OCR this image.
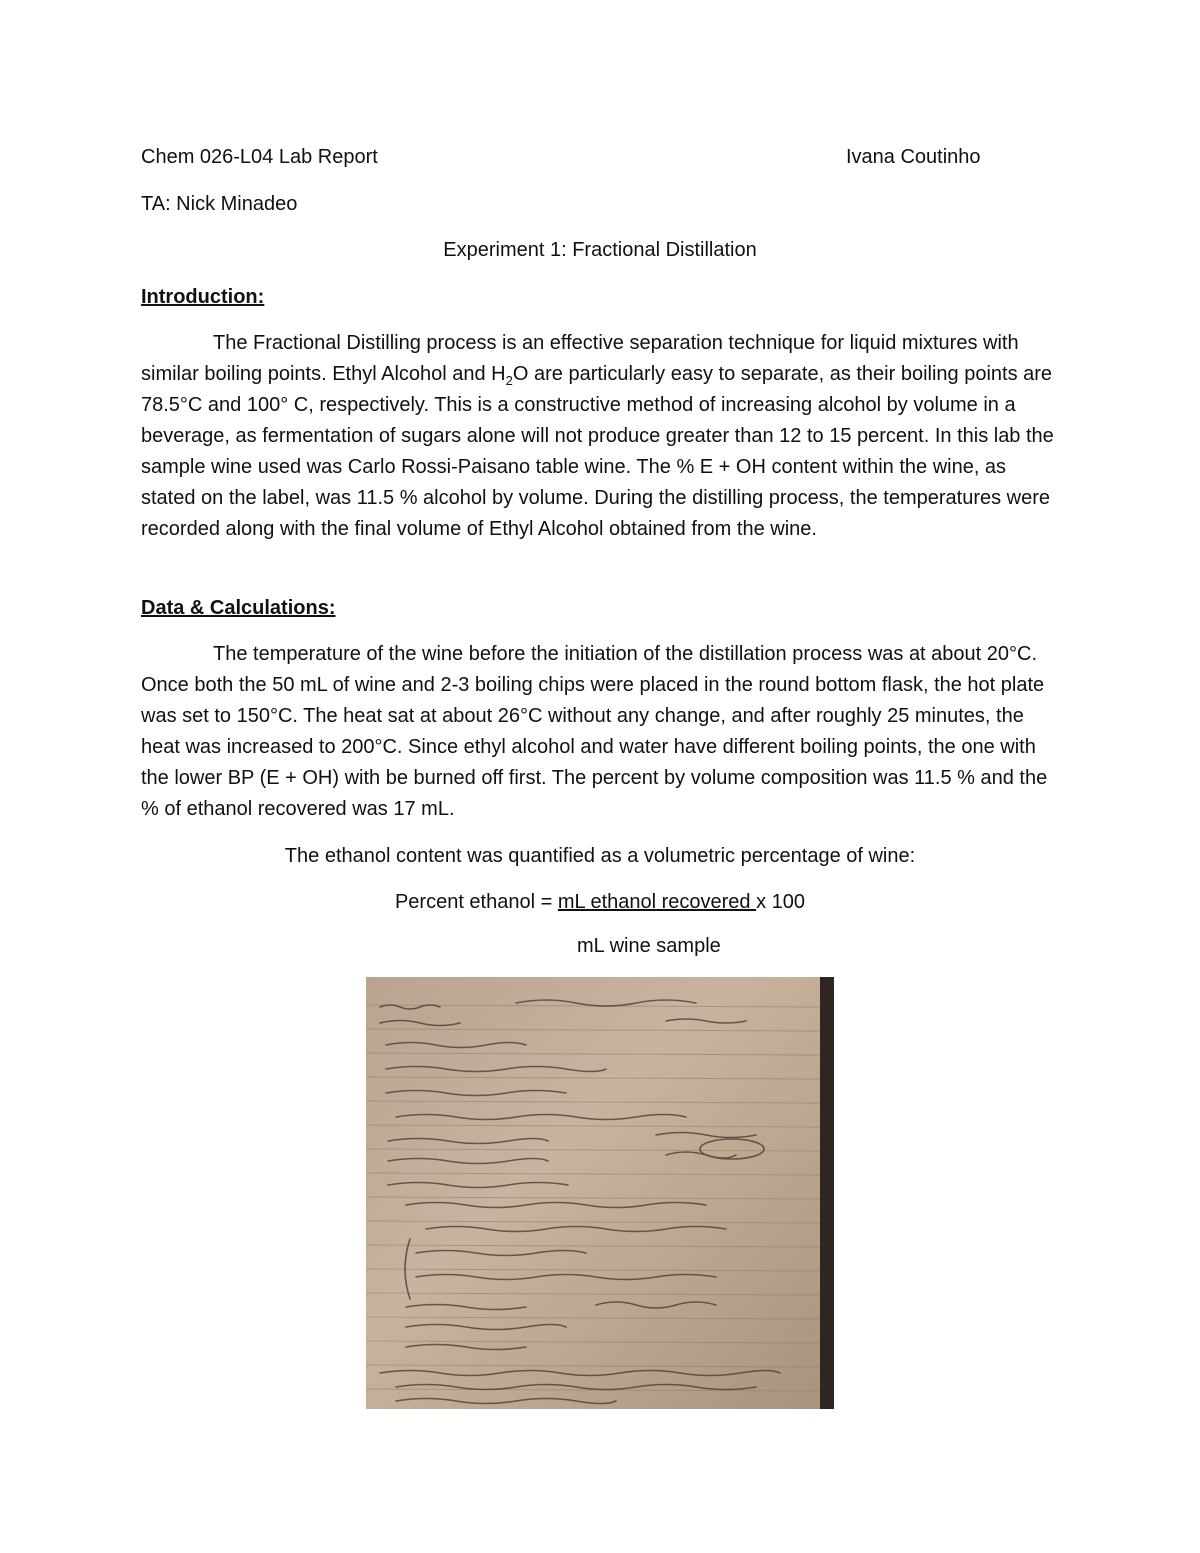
Chem 026-L04 Lab Report	Ivana Coutinho
TA: Nick Minadeo
Experiment 1: Fractional Distillation
Introduction:

The Fractional Distilling process is an effective separation technique for liquid mixtures with similar boiling points. Ethyl Alcohol and $H_2O$ are particularly easy to separate, as their boiling points are 78.5°C and 100° C, respectively. This is a constructive method of increasing alcohol by volume in a beverage, as fermentation of sugars alone will not produce greater than 12 to 15 percent. In this lab the sample wine used was Carlo Rossi-Paisano table wine. The % E + OH content within the wine, as stated on the label, was 11.5 % alcohol by volume. During the distilling process, the temperatures were recorded along with the final volume of Ethyl Alcohol obtained from the wine.

Data & Calculations:

The temperature of the wine before the initiation of the distillation process was at about 20°C. Once both the 50 mL of wine and 2-3 boiling chips were placed in the round bottom flask, the hot plate was set to 150°C. The heat sat at about 26°C without any change, and after roughly 25 minutes, the heat was increased to 200°C. Since ethyl alcohol and water have different boiling points, the one with the lower BP (E + OH) with be burned off first. The percent by volume composition was 11.5 % and the % of ethanol recovered was 17 mL.

The ethanol content was quantified as a volumetric percentage of wine:
Percent ethanol = mL ethanol recovered x 100
mL wine sample
